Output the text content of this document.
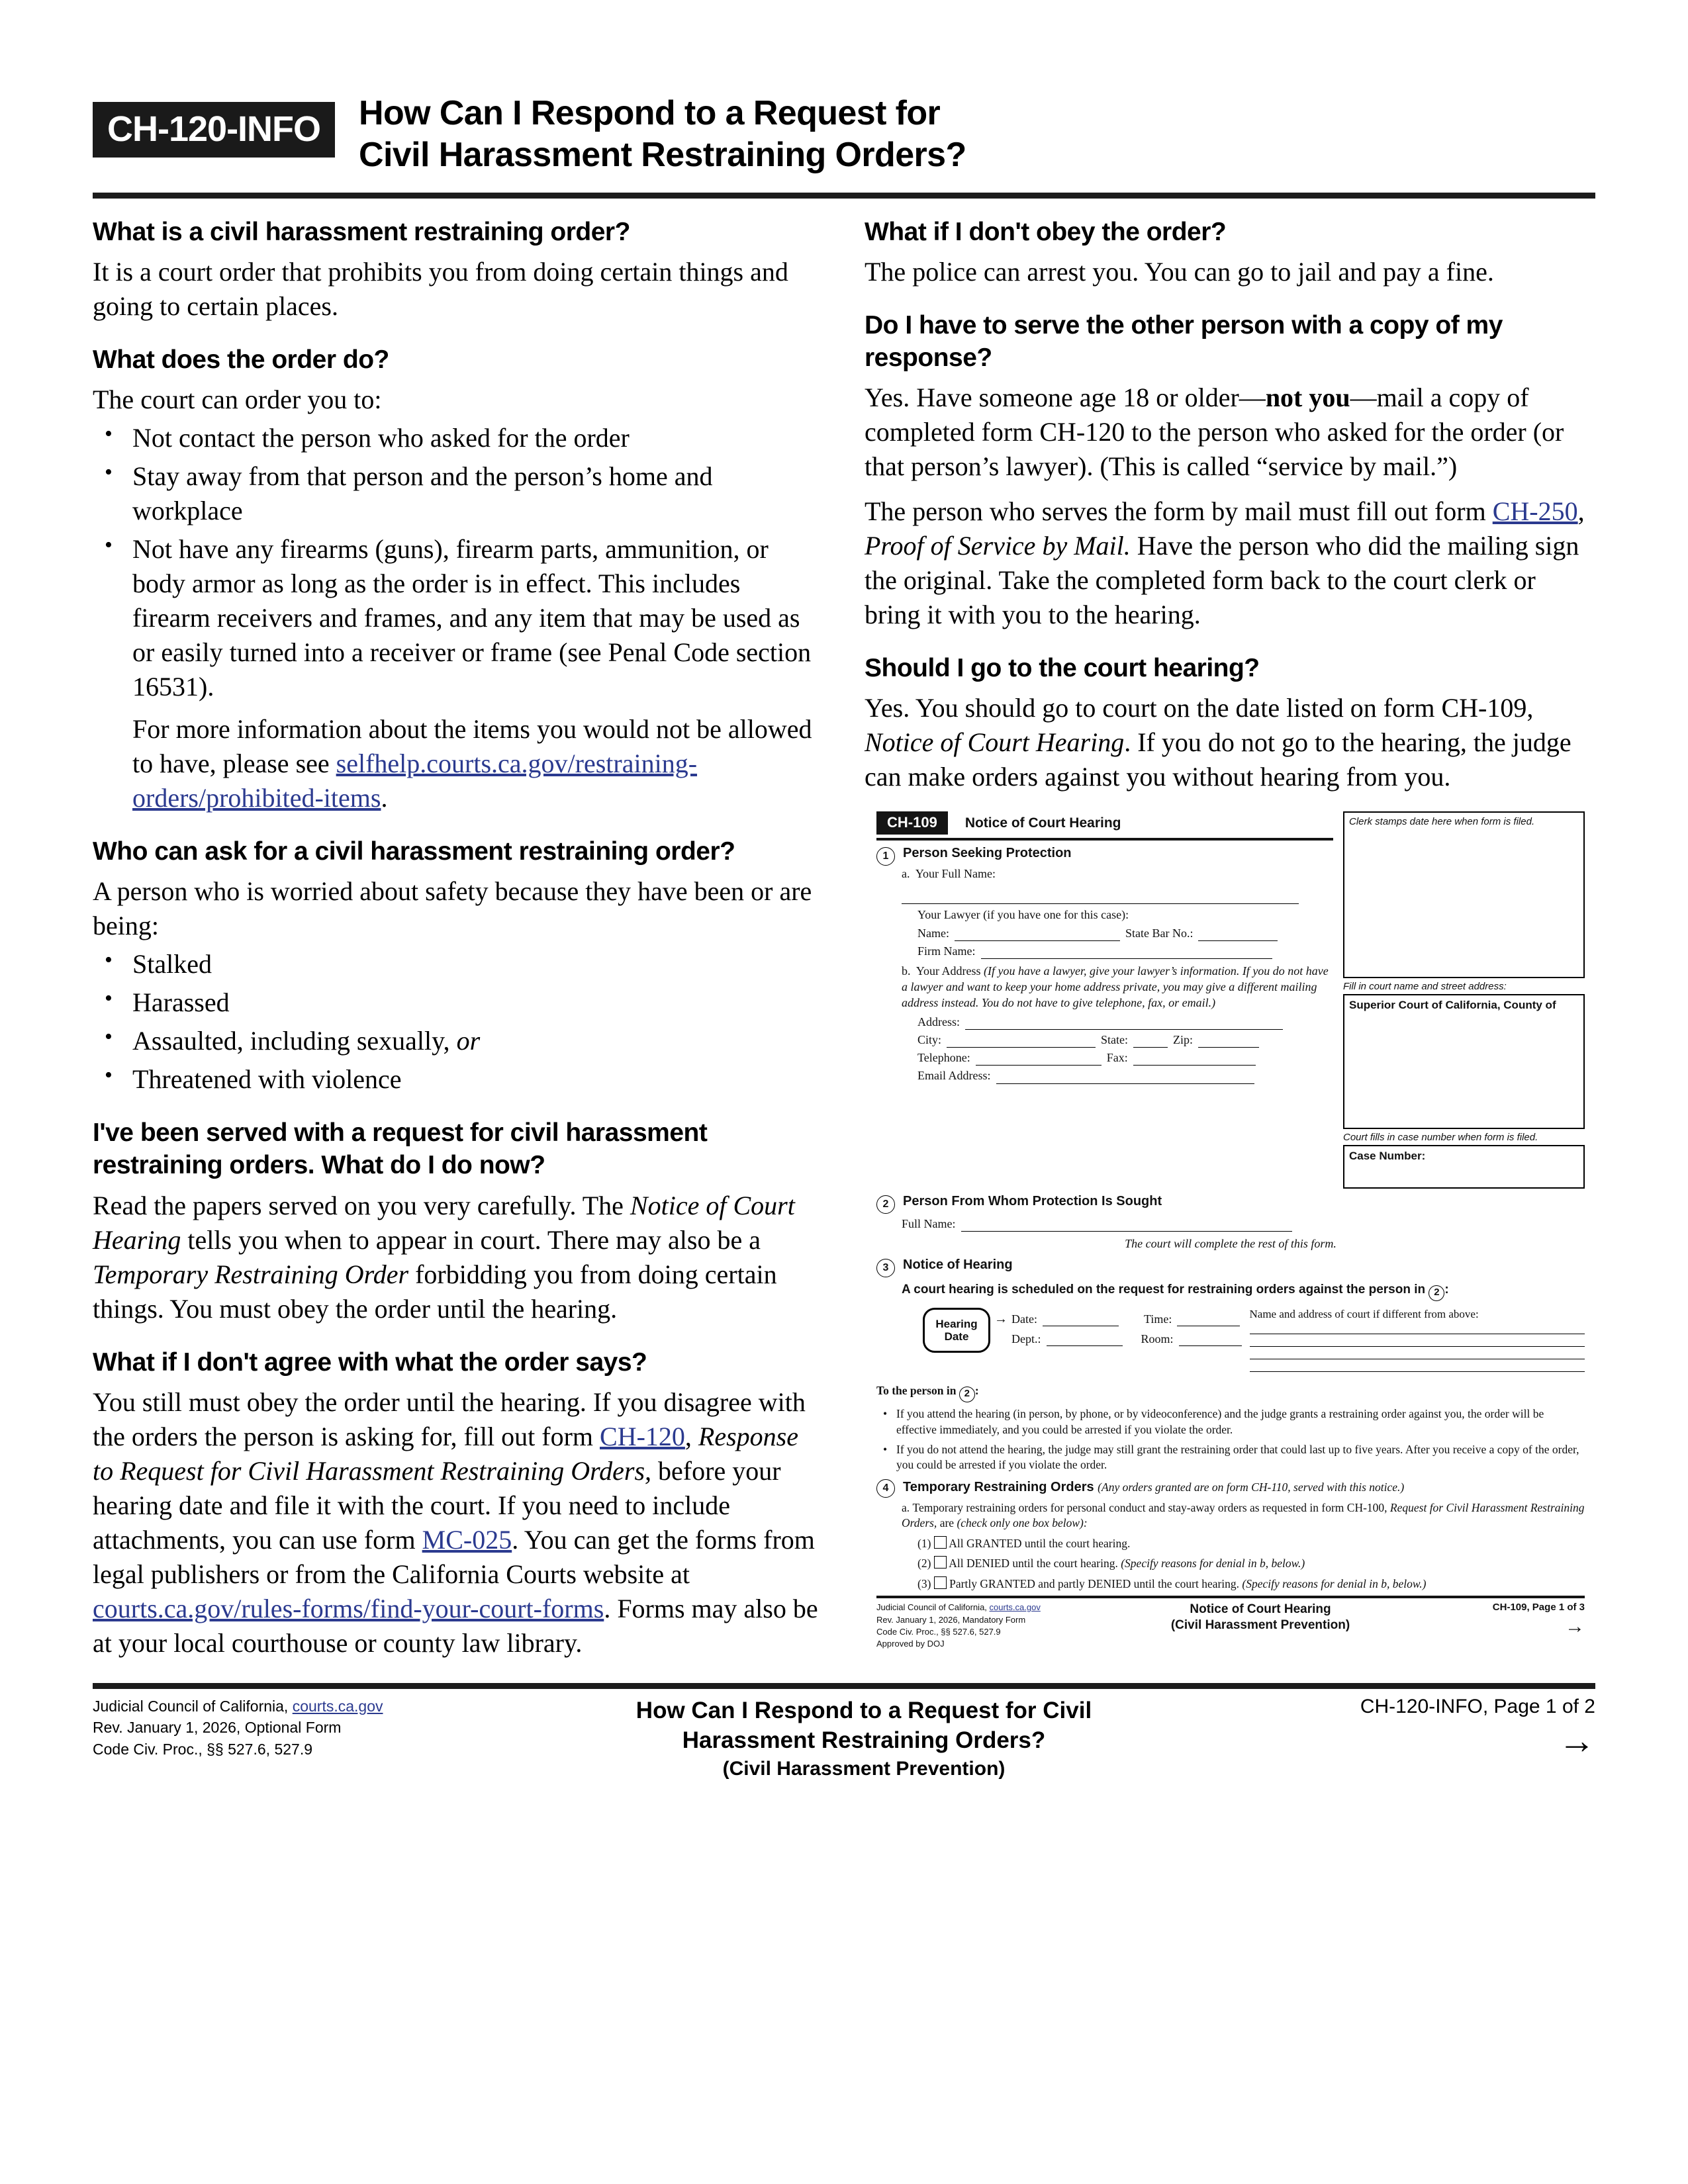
CH-120-INFO	How Can I Respond to a Request for
Civil Harassment Restraining Orders?
What is a civil harassment restraining order?

It is a court order that prohibits you from doing certain things and going to certain places.

What does the order do?

The court can order you to:

• Not contact the person who asked for the order
• Stay away from that person and the person’s home and workplace
• Not have any firearms (guns), firearm parts, ammunition, or body armor as long as the order is in effect. This includes firearm receivers and frames, and any item that may be used as or easily turned into a receiver or frame (see Penal Code section 16531).

For more information about the items you would not be allowed to have, please see selfhelp.courts.ca.gov/restraining-orders/prohibited-items.

Who can ask for a civil harassment restraining order?

A person who is worried about safety because they have been or are being:

• Stalked
• Harassed
• Assaulted, including sexually, or
• Threatened with violence
I've been served with a request for civil harassment restraining orders. What do I do now?

Read the papers served on you very carefully. The Notice of Court Hearing tells you when to appear in court. There may also be a Temporary Restraining Order forbidding you from doing certain things. You must obey the order until the hearing.

What if I don't agree with what the order says?

You still must obey the order until the hearing. If you disagree with the orders the person is asking for, fill out form CH-120, Response to Request for Civil Harassment Restraining Orders, before your hearing date and file it with the court. If you need to include attachments, you can use form MC-025. You can get the forms from legal publishers or from the California Courts website at courts.ca.gov/rules-forms/find-your-court-forms. Forms may also be at your local courthouse or county law library.

What if I don't obey the order?

The police can arrest you. You can go to jail and pay a fine.

Do I have to serve the other person with a copy of my response?

Yes. Have someone age 18 or older—not you—mail a copy of completed form CH-120 to the person who asked for the order (or that person’s lawyer). (This is called “service by mail.”)

The person who serves the form by mail must fill out form CH-250, Proof of Service by Mail. Have the person who did the mailing sign the original. Take the completed form back to the court clerk or bring it with you to the hearing.

Should I go to the court hearing?

Yes. You should go to court on the date listed on form CH-109, Notice of Court Hearing. If you do not go to the hearing, the judge can make orders against you without hearing from you.

CH-109	Notice of Court Hearing
1	Person Seeking Protection
a. Your Full Name:
Your Lawyer (if you have one for this case):
Name:	State Bar No.:
Firm Name:
b. Your Address (If you have a lawyer, give your lawyer’s information. If you do not have a lawyer and want to keep your home address private, you may give a different mailing address instead. You do not have to give telephone, fax, or email.)
Address:
City:	State:	Zip:
Telephone:	Fax:
Email Address:
Clerk stamps date here when form is filed.
Fill in court name and street address:
Superior Court of California, County of
Court fills in case number when form is filed.
Case Number:
2	Person From Whom Protection Is Sought
Full Name:
The court will complete the rest of this form.
3	Notice of Hearing
A court hearing is scheduled on the request for restraining orders against the person in 2 :
Hearing
Date
→ Date:	Time:
Dept.:	Room:
Name and address of court if different from above:
To the person in 2 :
• If you attend the hearing (in person, by phone, or by videoconference) and the judge grants a restraining order against you, the order will be effective immediately, and you could be arrested if you violate the order.
• If you do not attend the hearing, the judge may still grant the restraining order that could last up to five years. After you receive a copy of the order, you could be arrested if you violate the order.
4	Temporary Restraining Orders (Any orders granted are on form CH-110, served with this notice.)
a. Temporary restraining orders for personal conduct and stay-away orders as requested in form CH-100, Request for Civil Harassment Restraining Orders, are (check only one box below):
(1) All GRANTED until the court hearing.
(2) All DENIED until the court hearing. (Specify reasons for denial in b, below.)
(3) Partly GRANTED and partly DENIED until the court hearing. (Specify reasons for denial in b, below.)
Judicial Council of California, courts.ca.gov
Rev. January 1, 2026, Mandatory Form
Code Civ. Proc., §§ 527.6, 527.9
Approved by DOJ
Notice of Court Hearing
(Civil Harassment Prevention)
CH-109, Page 1 of 3
→
Judicial Council of California, courts.ca.gov
Rev. January 1, 2026, Optional Form
Code Civ. Proc., §§ 527.6, 527.9
How Can I Respond to a Request for Civil
Harassment Restraining Orders?
(Civil Harassment Prevention)
CH-120-INFO, Page 1 of 2
→
